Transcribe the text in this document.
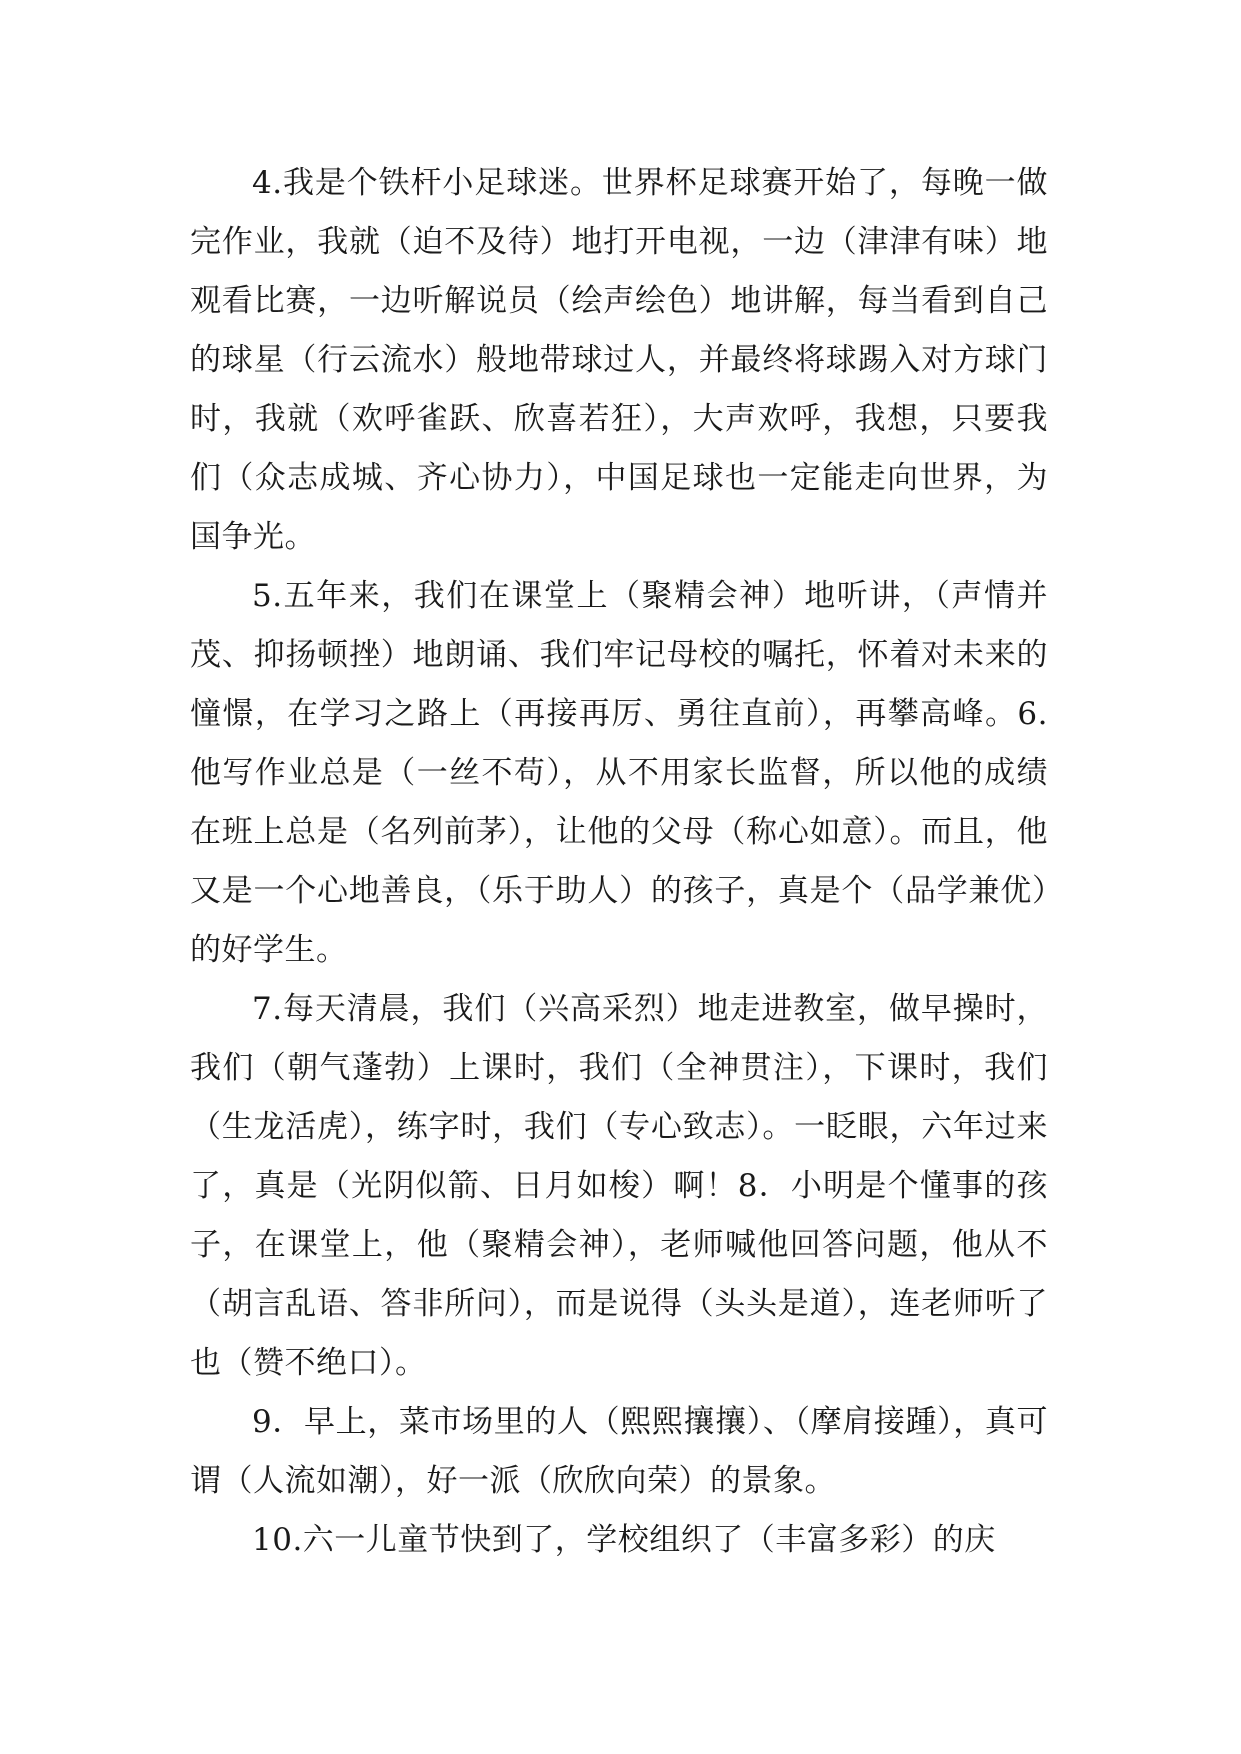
4.我是个铁杆小足球迷。世界杯足球赛开始了，每晚一做完作业，我就（迫不及待）地打开电视，一边（津津有味）地观看比赛，一边听解说员（绘声绘色）地讲解，每当看到自己的球星（行云流水）般地带球过人，并最终将球踢入对方球门时，我就（欢呼雀跃、欣喜若狂），大声欢呼，我想，只要我们（众志成城、齐心协力），中国足球也一定能走向世界，为国争光。

5.五年来，我们在课堂上（聚精会神）地听讲，（声情并茂、抑扬顿挫）地朗诵、我们牢记母校的嘱托，怀着对未来的憧憬，在学习之路上（再接再厉、勇往直前），再攀高峰。6.他写作业总是（一丝不苟），从不用家长监督，所以他的成绩在班上总是（名列前茅），让他的父母（称心如意）。而且，他又是一个心地善良，（乐于助人）的孩子，真是个（品学兼优）的好学生。

7.每天清晨，我们（兴高采烈）地走进教室，做早操时，我们（朝气蓬勃）上课时，我们（全神贯注），下课时，我们（生龙活虎），练字时，我们（专心致志）。一眨眼，六年过来了，真是（光阴似箭、日月如梭）啊！8．小明是个懂事的孩子，在课堂上，他（聚精会神），老师喊他回答问题，他从不（胡言乱语、答非所问），而是说得（头头是道），连老师听了也（赞不绝口）。

9．早上，菜市场里的人（熙熙攘攘）、（摩肩接踵），真可谓（人流如潮），好一派（欣欣向荣）的景象。

10.六一儿童节快到了，学校组织了（丰富多彩）的庆
